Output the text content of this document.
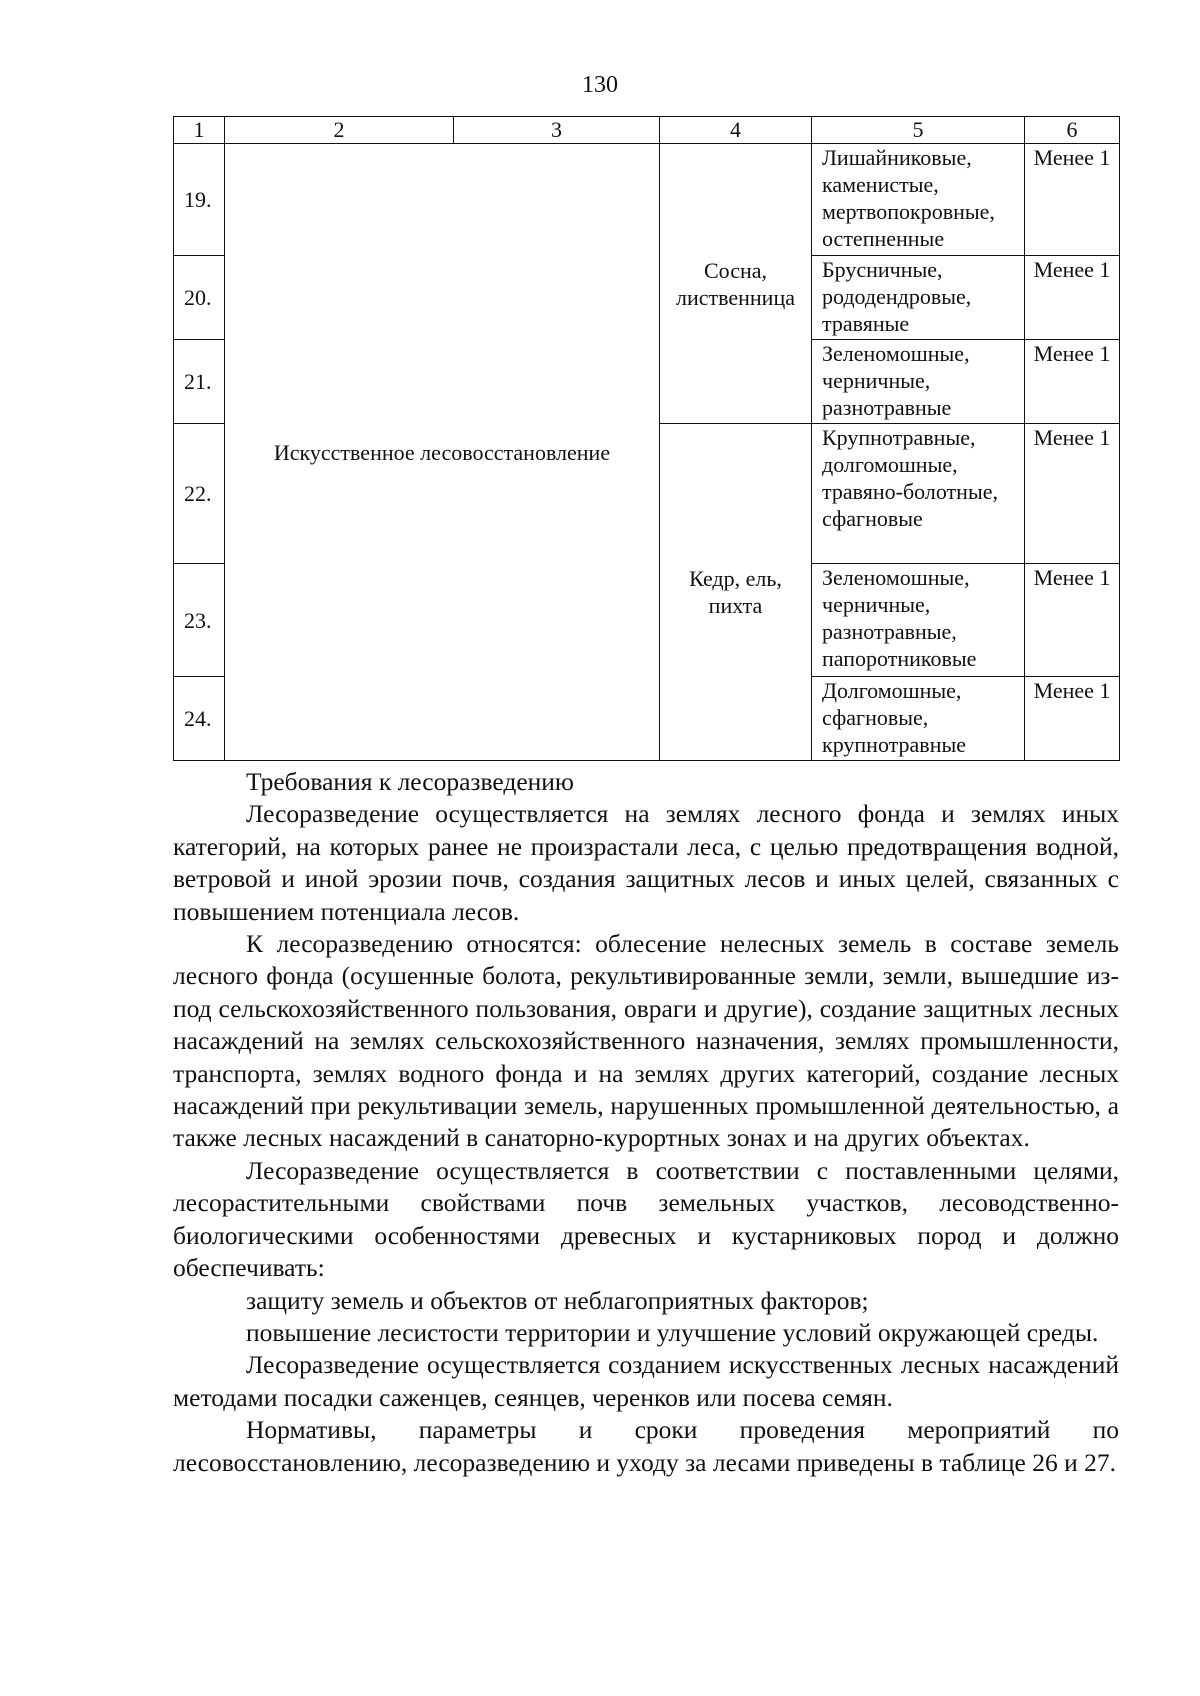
130
1	2	3	4	5	6
19.	Искусственное лесовосстановление		Сосна, лиственница	Лишайниковые, каменистые, мертвопокровные, остепненные	Менее 1
20.				Брусничные, рододендровые, травяные	Менее 1
21.				Зеленомошные, черничные, разнотравные	Менее 1
22.			Кедр, ель, пихта	Крупнотравные, долгомошные, травяно-болотные, сфагновые	Менее 1
23.				Зеленомошные, черничные, разнотравные, папоротниковые	Менее 1
24.				Долгомошные, сфагновые, крупнотравные	Менее 1

Требования к лесоразведению

Лесоразведение осуществляется на землях лесного фонда и землях иных категорий, на которых ранее не произрастали леса, с целью предотвращения водной, ветровой и иной эрозии почв, создания защитных лесов и иных целей, связанных с повышением потенциала лесов.

К лесоразведению относятся: облесение нелесных земель в составе земель лесного фонда (осушенные болота, рекультивированные земли, земли, вышедшие из-под сельскохозяйственного пользования, овраги и другие), создание защитных лесных насаждений на землях сельскохозяйственного назначения, землях промышленности, транспорта, землях водного фонда и на землях других категорий, создание лесных насаждений при рекультивации земель, нарушенных промышленной деятельностью, а также лесных насаждений в санаторно-курортных зонах и на других объектах.

Лесоразведение осуществляется в соответствии с поставленными целями, лесорастительными свойствами почв земельных участков, лесоводственно-биологическими особенностями древесных и кустарниковых пород и должно обеспечивать:

защиту земель и объектов от неблагоприятных факторов;

повышение лесистости территории и улучшение условий окружающей среды.

Лесоразведение осуществляется созданием искусственных лесных насаждений методами посадки саженцев, сеянцев, черенков или посева семян.

Нормативы, параметры и сроки проведения мероприятий по лесовосстановлению, лесоразведению и уходу за лесами приведены в таблице 26 и 27.
